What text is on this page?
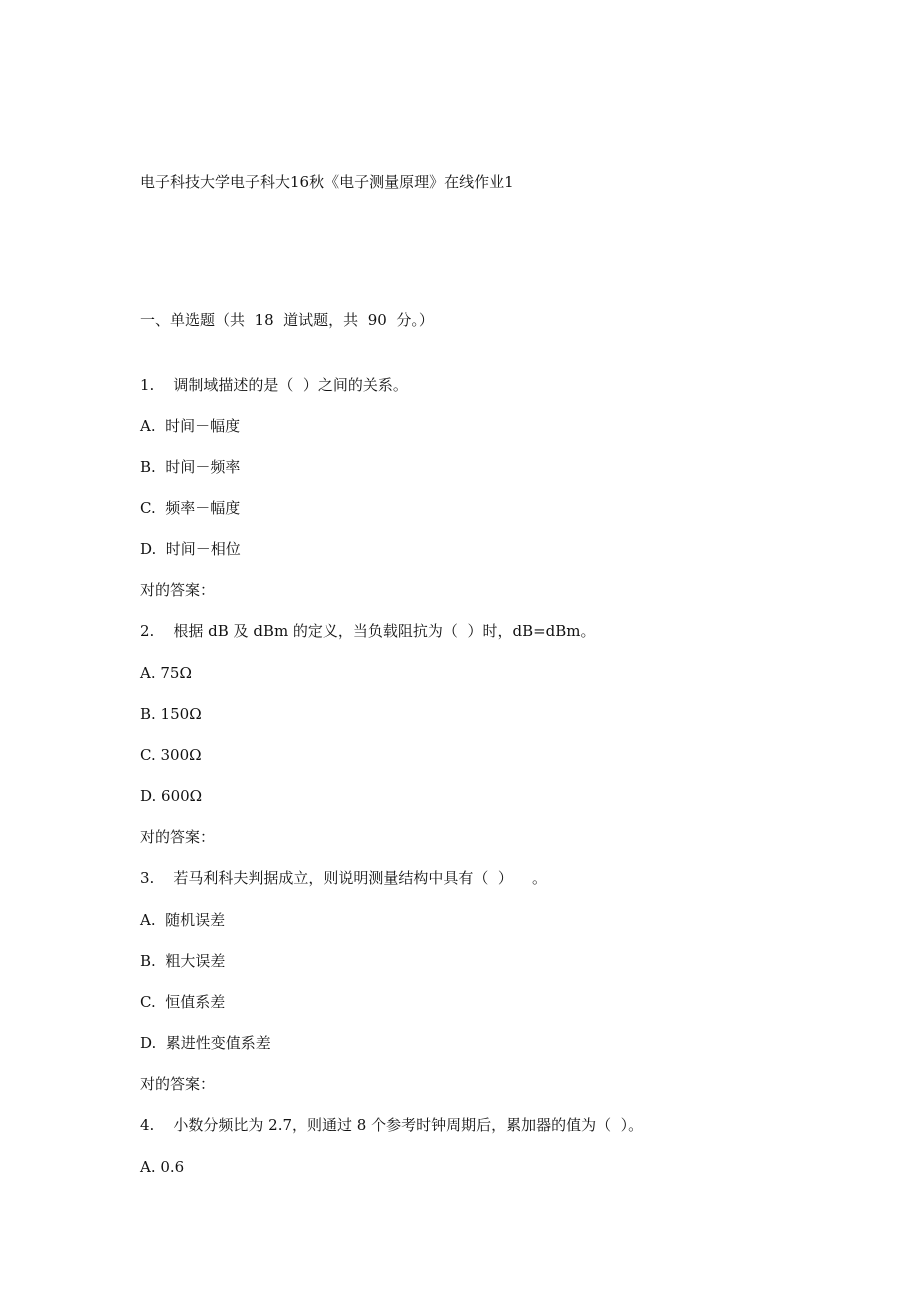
电子科技大学电子科大16秋《电子测量原理》在线作业1
一、单选题（共  18  道试题，共  90  分。）
1.    调制域描述的是（  ）之间的关系。
A.  时间－幅度
B.  时间－频率
C.  频率－幅度
D.  时间－相位
对的答案：
2.    根据 dB 及 dBm 的定义，当负载阻抗为（  ）时，dB=dBm。
A. 75Ω
B. 150Ω
C. 300Ω
D. 600Ω
对的答案：
3.    若马利科夫判据成立，则说明测量结构中具有（  ）    。
A.  随机误差
B.  粗大误差
C.  恒值系差
D.  累进性变值系差
对的答案：
4.    小数分频比为 2.7，则通过 8 个参考时钟周期后，累加器的值为（  ）。
A. 0.6
